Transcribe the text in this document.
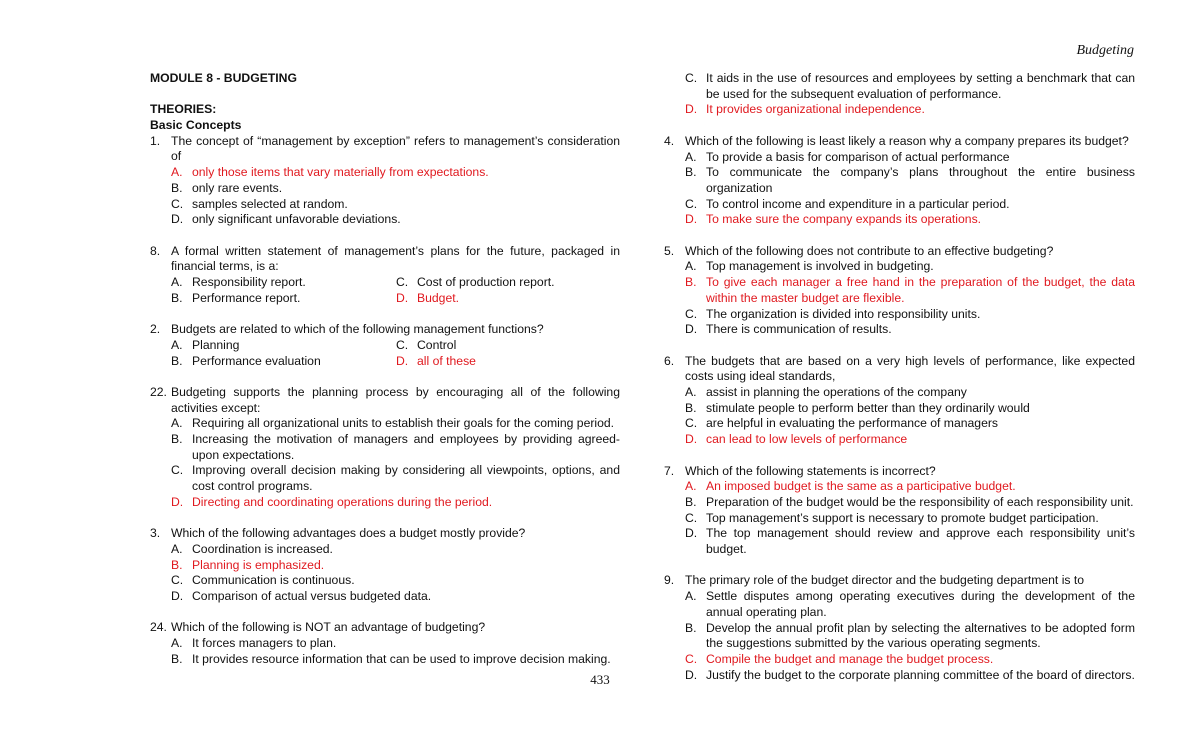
Budgeting
MODULE 8 - BUDGETING
THEORIES:
Basic Concepts
1. The concept of “management by exception” refers to management’s consideration of
A. only those items that vary materially from expectations.
B. only rare events.
C. samples selected at random.
D. only significant unfavorable deviations.
8. A formal written statement of management’s plans for the future, packaged in financial terms, is a:
A. Responsibility report.	C. Cost of production report.
B. Performance report.	D. Budget.
2. Budgets are related to which of the following management functions?
A. Planning	C. Control
B. Performance evaluation	D. all of these
22. Budgeting supports the planning process by encouraging all of the following activities except:
A. Requiring all organizational units to establish their goals for the coming period.
B. Increasing the motivation of managers and employees by providing agreed-upon expectations.
C. Improving overall decision making by considering all viewpoints, options, and cost control programs.
D. Directing and coordinating operations during the period.
3. Which of the following advantages does a budget mostly provide?
A. Coordination is increased.
B. Planning is emphasized.
C. Communication is continuous.
D. Comparison of actual versus budgeted data.
24. Which of the following is NOT an advantage of budgeting?
A. It forces managers to plan.
B. It provides resource information that can be used to improve decision making.
C. It aids in the use of resources and employees by setting a benchmark that can be used for the subsequent evaluation of performance.
D. It provides organizational independence.
4. Which of the following is least likely a reason why a company prepares its budget?
A. To provide a basis for comparison of actual performance
B. To communicate the company’s plans throughout the entire business organization
C. To control income and expenditure in a particular period.
D. To make sure the company expands its operations.
5. Which of the following does not contribute to an effective budgeting?
A. Top management is involved in budgeting.
B. To give each manager a free hand in the preparation of the budget, the data within the master budget are flexible.
C. The organization is divided into responsibility units.
D. There is communication of results.
6. The budgets that are based on a very high levels of performance, like expected costs using ideal standards,
A. assist in planning the operations of the company
B. stimulate people to perform better than they ordinarily would
C. are helpful in evaluating the performance of managers
D. can lead to low levels of performance
7. Which of the following statements is incorrect?
A. An imposed budget is the same as a participative budget.
B. Preparation of the budget would be the responsibility of each responsibility unit.
C. Top management’s support is necessary to promote budget participation.
D. The top management should review and approve each responsibility unit’s budget.
9. The primary role of the budget director and the budgeting department is to
A. Settle disputes among operating executives during the development of the annual operating plan.
B. Develop the annual profit plan by selecting the alternatives to be adopted form the suggestions submitted by the various operating segments.
C. Compile the budget and manage the budget process.
D. Justify the budget to the corporate planning committee of the board of directors.
433
